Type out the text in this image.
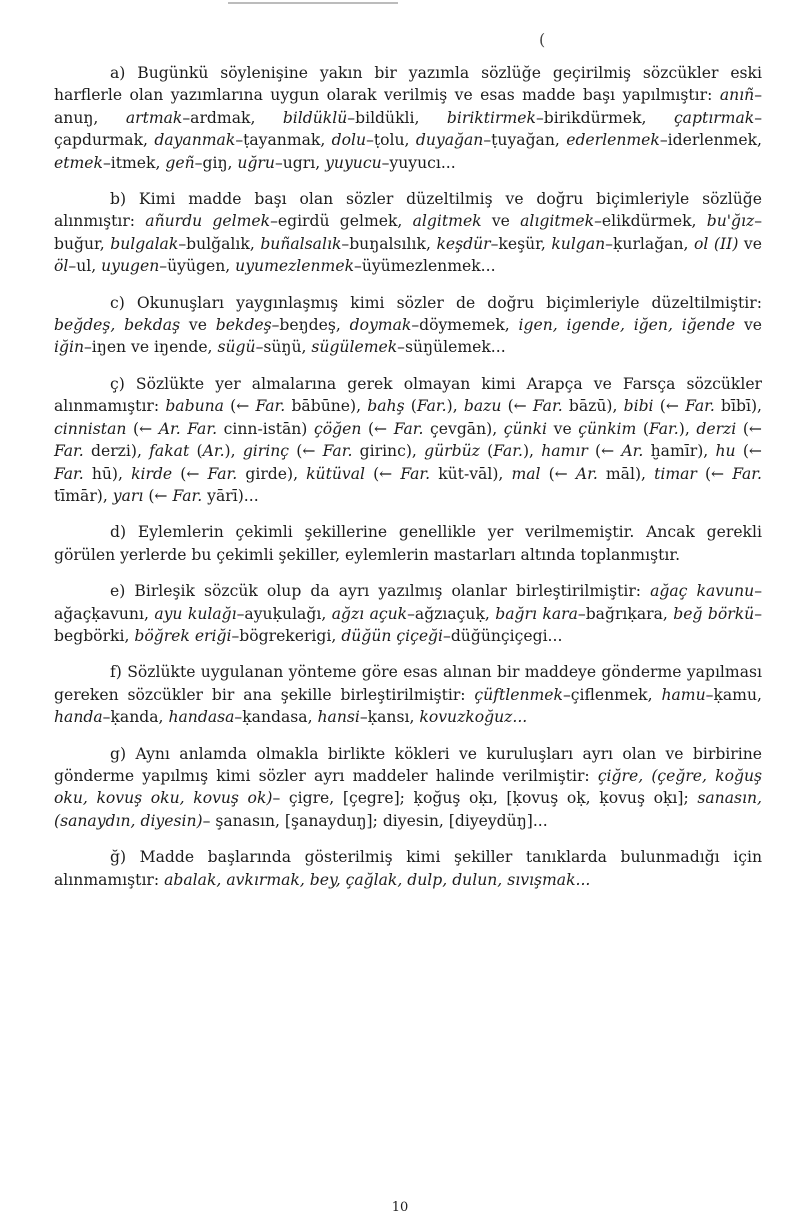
(

a) Bugünkü söylenişine yakın bir yazımla sözlüğe geçirilmiş sözcükler eski harflerle olan yazımlarına uygun olarak verilmiş ve esas madde başı yapılmıştır: anıñ–anuŋ, artmak–ardmak, bildüklü–bildükli, biriktirmek–birikdürmek, çaptırmak–çapdurmak, dayanmak–ṭayanmak, dolu–ṭolu, duyağan–ṭuyağan, ederlenmek–iderlenmek, etmek–itmek, geñ–giŋ, uğru–ugrı, yuyucu–yuyucı...

b) Kimi madde başı olan sözler düzeltilmiş ve doğru biçimleriyle sözlüğe alınmıştır: añurdu gelmek–egirdü gelmek, algitmek ve alıgitmek–elikdürmek, bu'ğız–buğur, bulgalak–bulğalık, buñalsalık–buŋalsılık, keşdür–keşür, kulgan–ḳurlağan, ol (II) ve öl–ul, uyugen–üyügen, uyumezlenmek–üyümezlenmek...

c) Okunuşları yaygınlaşmış kimi sözler de doğru biçimleriyle düzeltilmiştir: beğdeş, bekdaş ve bekdeş–beŋdeş, doymak–döymemek, igen, igende, iğen, iğende ve iğin–iŋen ve iŋende, sügü–süŋü, sügülemek–süŋülemek...

ç) Sözlükte yer almalarına gerek olmayan kimi Arapça ve Farsça sözcükler alınmamıştır: babuna (← Far. bābūne), bahş (Far.), bazu (← Far. bāzū), bibi (← Far. bībī), cinnistan (← Ar. Far. cinn-istān) çöğen (← Far. çevgān), çünki ve çünkim (Far.), derzi (← Far. derzi), fakat (Ar.), girinç (← Far. girinc), gürbüz (Far.), hamır (← Ar. ḫamīr), hu (← Far. hū), kirde (← Far. girde), kütüval (← Far. küt-vāl), mal (← Ar. māl), timar (← Far. tīmār), yarı (← Far. yārī)...

d) Eylemlerin çekimli şekillerine genellikle yer verilmemiştir. Ancak gerekli görülen yerlerde bu çekimli şekiller, eylemlerin mastarları altında toplanmıştır.

e) Birleşik sözcük olup da ayrı yazılmış olanlar birleştirilmiştir: ağaç kavunu–ağaçḳavunı, ayu kulağı–ayuḳulağı, ağzı açuk–ağzıaçuḳ, bağrı kara–bağrıḳara, beğ börkü–begbörki, böğrek eriği–bögrekerigi, düğün çiçeği–düğünçiçegi...

f) Sözlükte uygulanan yönteme göre esas alınan bir maddeye gönderme yapılması gereken sözcükler bir ana şekille birleştirilmiştir: çüftlenmek–çiflenmek, hamu–ḳamu, handa–ḳanda, handasa–ḳandasa, hansi–ḳansı, kovuzkoğuz...

g) Aynı anlamda olmakla birlikte kökleri ve kuruluşları ayrı olan ve birbirine gönderme yapılmış kimi sözler ayrı maddeler halinde verilmiştir: çiğre, (çeğre, koğuş oku, kovuş oku, kovuş ok)– çigre, [çegre]; ḳoğuş oḳı, [ḳovuş oḳ, ḳovuş oḳı]; sanasın, (sanaydın, diyesin)– şanasın, [şanayduŋ]; diyesin, [diyeydüŋ]...

ğ) Madde başlarında gösterilmiş kimi şekiller tanıklarda bulunmadığı için alınmamıştır: abalak, avkırmak, bey, çağlak, dulp, dulun, sıvışmak...

10
